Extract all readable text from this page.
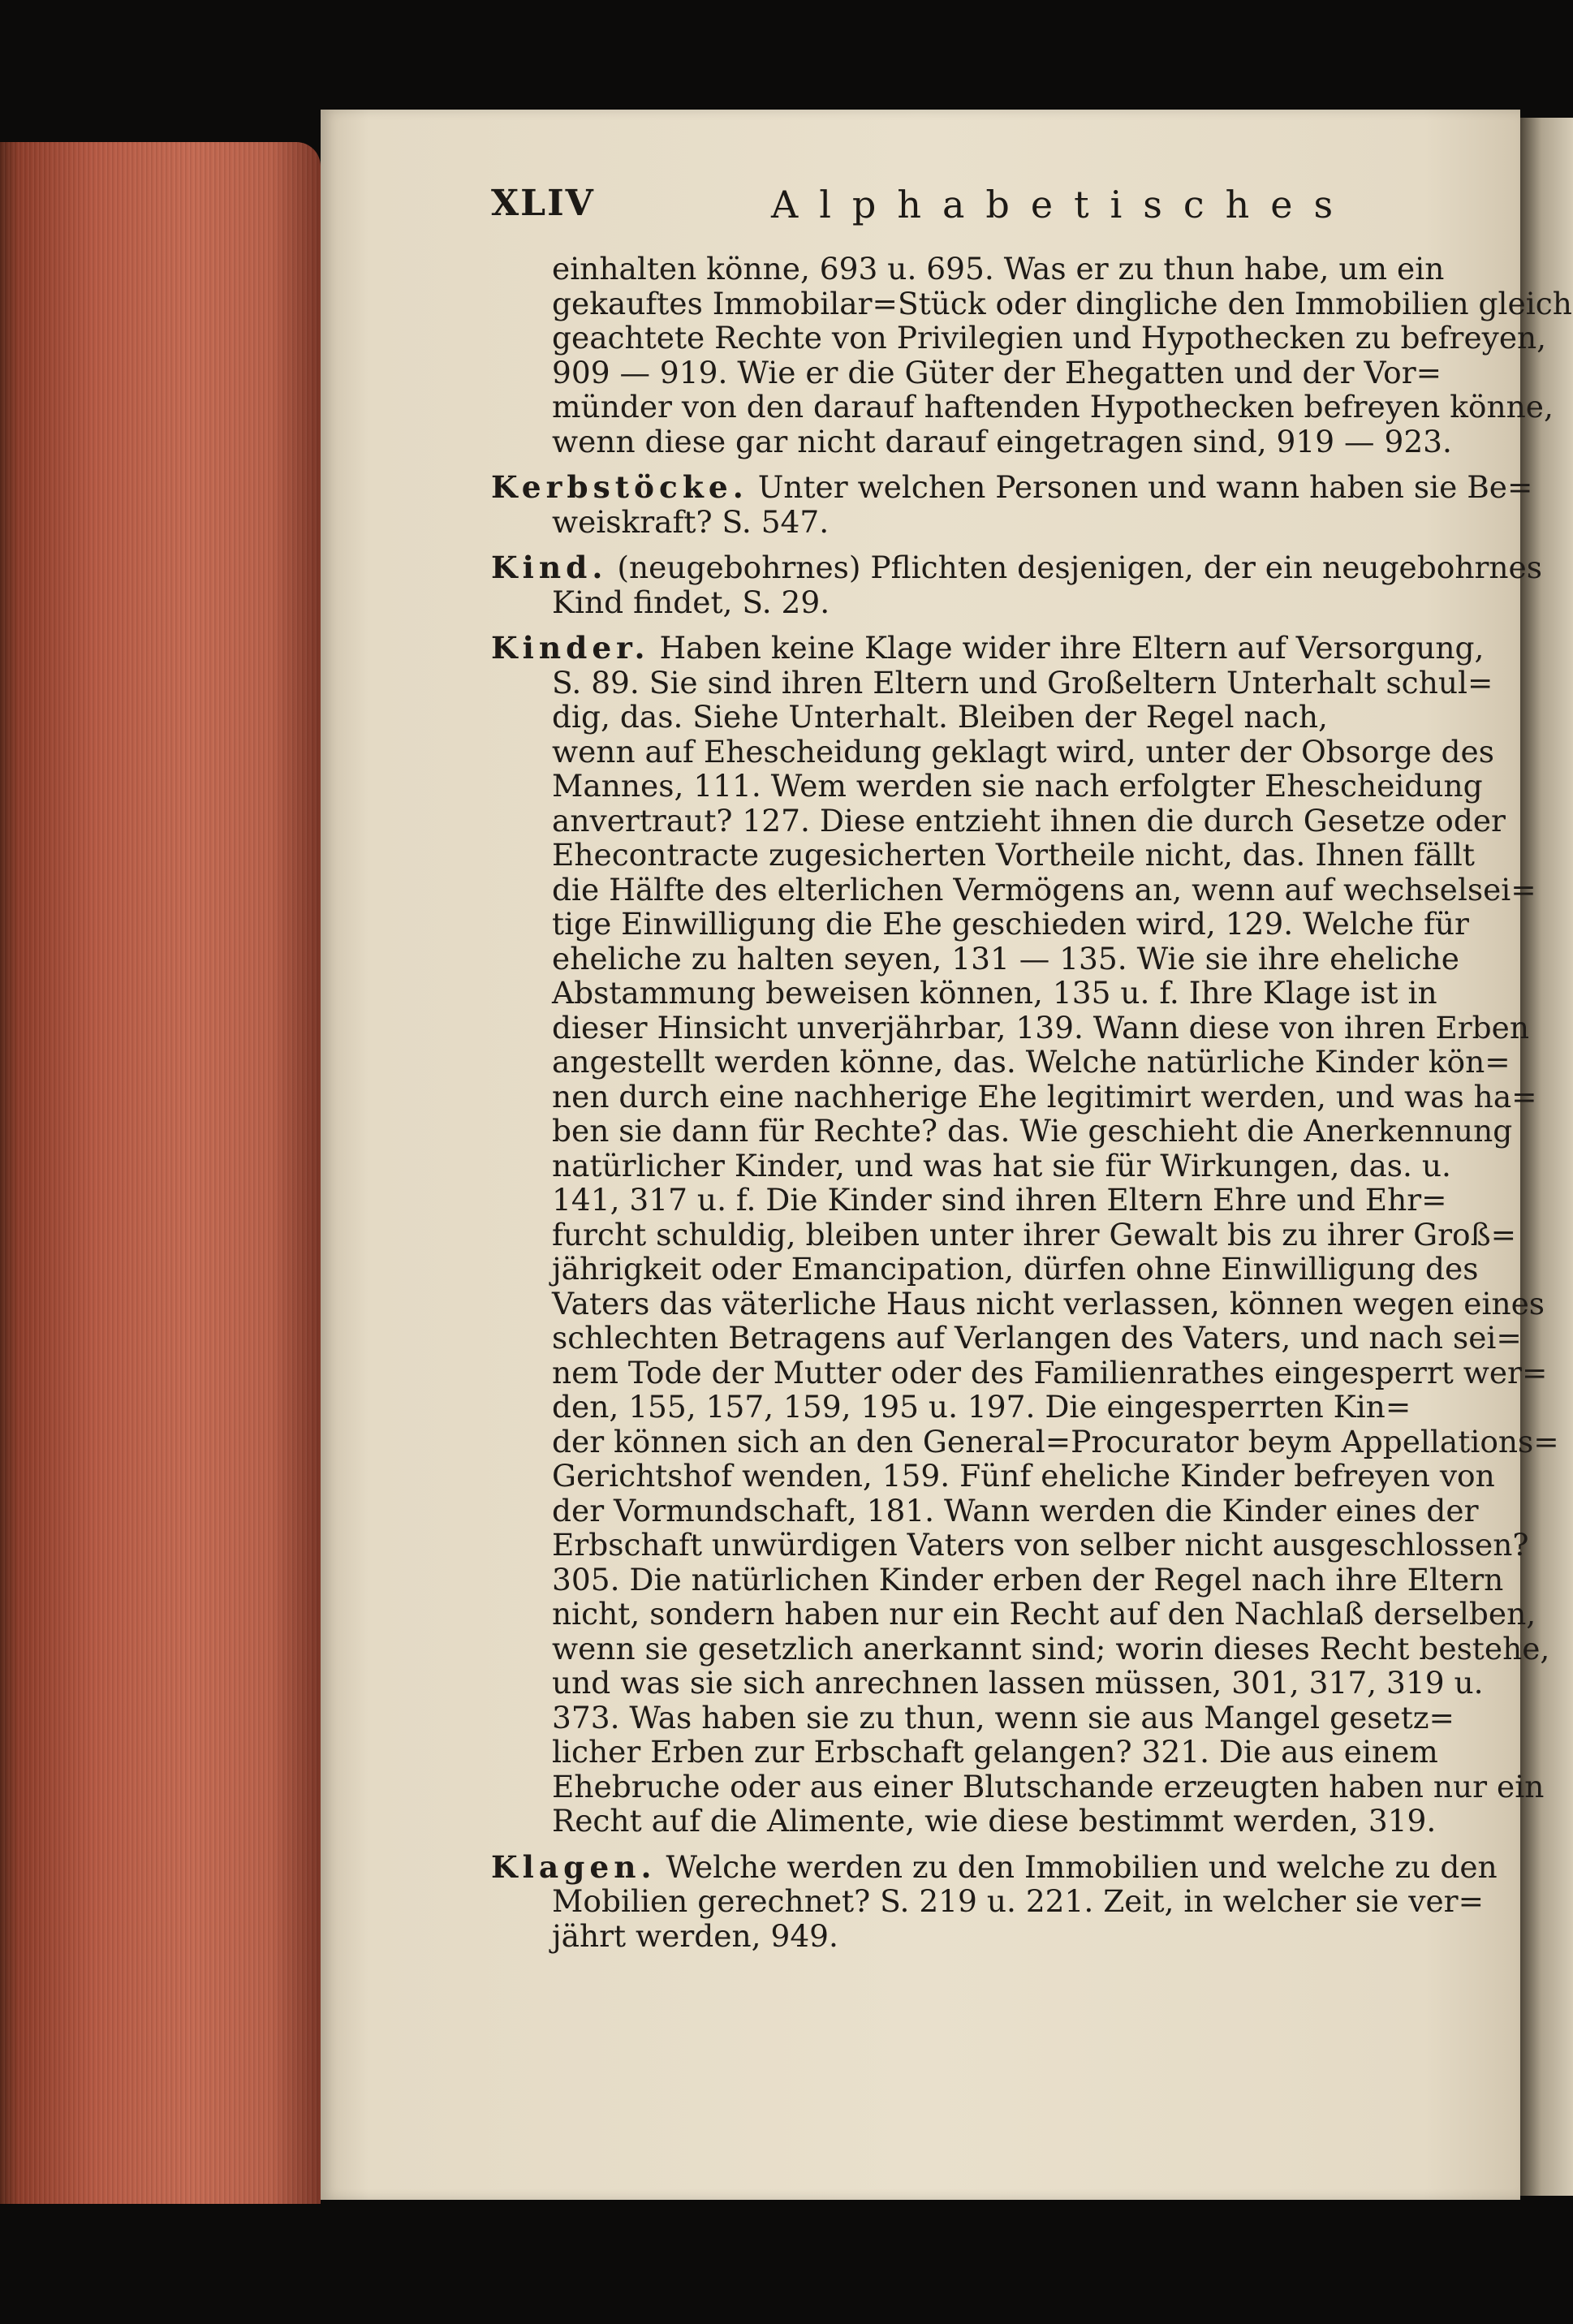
XLIV	Alphabetisches
einhalten könne, 693 u. 695. Was er zu thun habe, um ein
gekauftes Immobilar=Stück oder dingliche den Immobilien gleich
geachtete Rechte von Privilegien und Hypothecken zu befreyen,
909 — 919. Wie er die Güter der Ehegatten und der Vor=
münder von den darauf haftenden Hypothecken befreyen könne,
wenn diese gar nicht darauf eingetragen sind, 919 — 923.
Kerbstöcke. Unter welchen Personen und wann haben sie Be=
weiskraft? S. 547.
Kind. (neugebohrnes) Pflichten desjenigen, der ein neugebohrnes
Kind findet, S. 29.
Kinder. Haben keine Klage wider ihre Eltern auf Versorgung,
S. 89. Sie sind ihren Eltern und Großeltern Unterhalt schul=
dig, das. Siehe Unterhalt. Bleiben der Regel nach,
wenn auf Ehescheidung geklagt wird, unter der Obsorge des
Mannes, 111. Wem werden sie nach erfolgter Ehescheidung
anvertraut? 127. Diese entzieht ihnen die durch Gesetze oder
Ehecontracte zugesicherten Vortheile nicht, das. Ihnen fällt
die Hälfte des elterlichen Vermögens an, wenn auf wechselsei=
tige Einwilligung die Ehe geschieden wird, 129. Welche für
eheliche zu halten seyen, 131 — 135. Wie sie ihre eheliche
Abstammung beweisen können, 135 u. f. Ihre Klage ist in
dieser Hinsicht unverjährbar, 139. Wann diese von ihren Erben
angestellt werden könne, das. Welche natürliche Kinder kön=
nen durch eine nachherige Ehe legitimirt werden, und was ha=
ben sie dann für Rechte? das. Wie geschieht die Anerkennung
natürlicher Kinder, und was hat sie für Wirkungen, das. u.
141, 317 u. f. Die Kinder sind ihren Eltern Ehre und Ehr=
furcht schuldig, bleiben unter ihrer Gewalt bis zu ihrer Groß=
jährigkeit oder Emancipation, dürfen ohne Einwilligung des
Vaters das väterliche Haus nicht verlassen, können wegen eines
schlechten Betragens auf Verlangen des Vaters, und nach sei=
nem Tode der Mutter oder des Familienrathes eingesperrt wer=
den, 155, 157, 159, 195 u. 197. Die eingesperrten Kin=
der können sich an den General=Procurator beym Appellations=
Gerichtshof wenden, 159. Fünf eheliche Kinder befreyen von
der Vormundschaft, 181. Wann werden die Kinder eines der
Erbschaft unwürdigen Vaters von selber nicht ausgeschlossen?
305. Die natürlichen Kinder erben der Regel nach ihre Eltern
nicht, sondern haben nur ein Recht auf den Nachlaß derselben,
wenn sie gesetzlich anerkannt sind; worin dieses Recht bestehe,
und was sie sich anrechnen lassen müssen, 301, 317, 319 u.
373. Was haben sie zu thun, wenn sie aus Mangel gesetz=
licher Erben zur Erbschaft gelangen? 321. Die aus einem
Ehebruche oder aus einer Blutschande erzeugten haben nur ein
Recht auf die Alimente, wie diese bestimmt werden, 319.
Klagen. Welche werden zu den Immobilien und welche zu den
Mobilien gerechnet? S. 219 u. 221. Zeit, in welcher sie ver=
jährt werden, 949.
